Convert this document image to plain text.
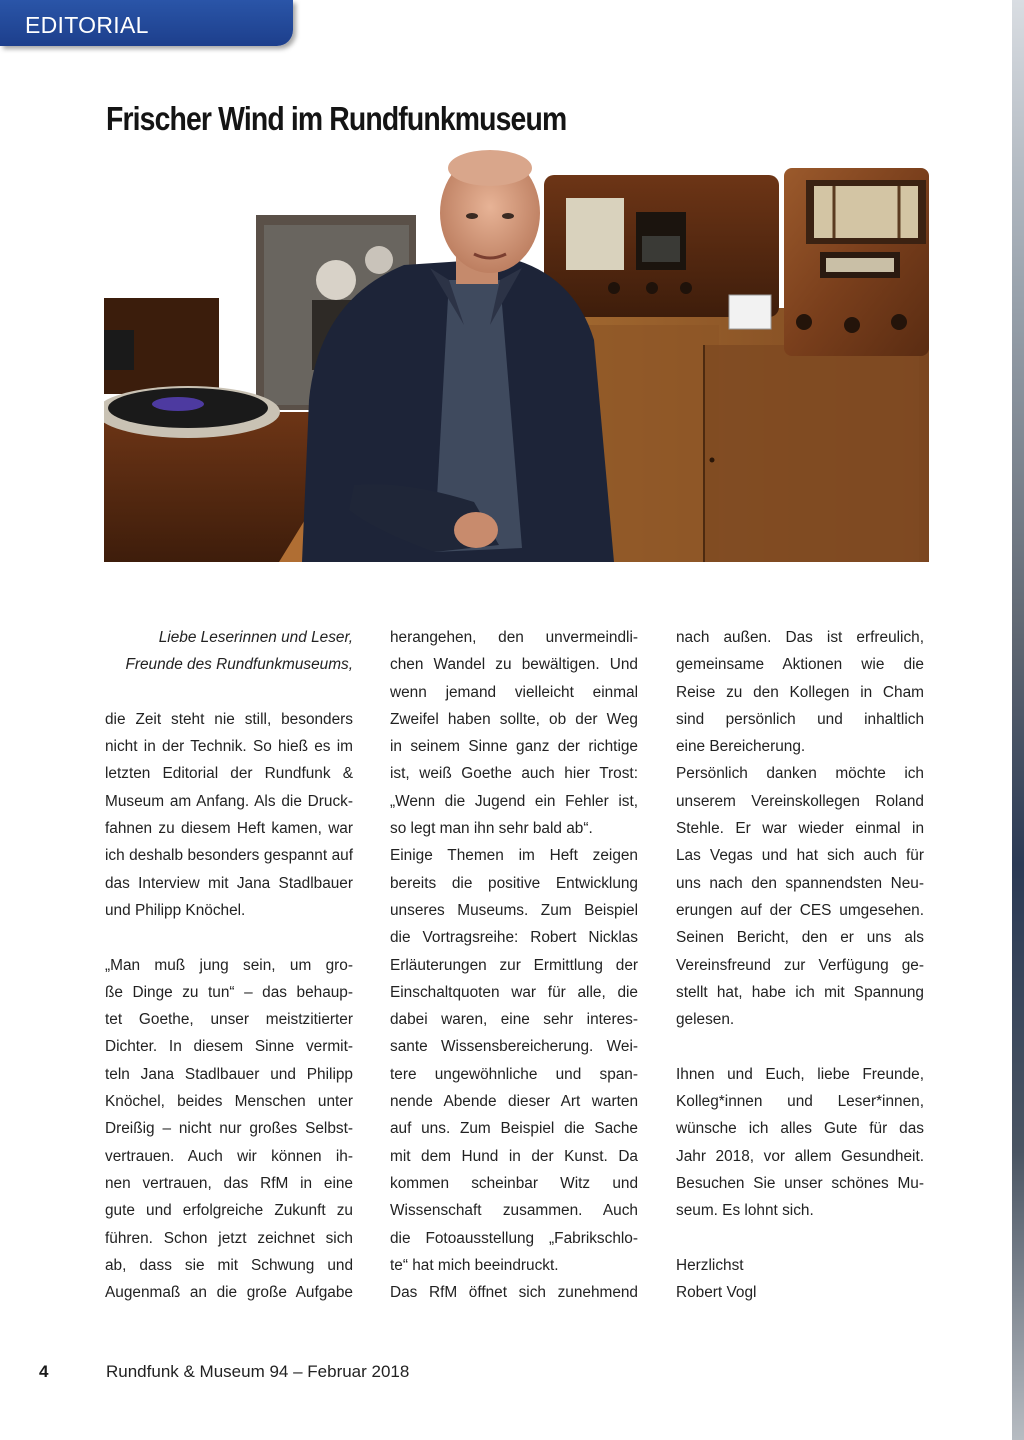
EDITORIAL
Frischer Wind im Rundfunkmuseum
Liebe Leserinnen und Leser,
Freunde des Rundfunkmuseums,

die Zeit steht nie still, besonders
nicht in der Technik. So hieß es im
letzten Editorial der Rundfunk &
Museum am Anfang. Als die Druck-
fahnen zu diesem Heft kamen, war
ich deshalb besonders gespannt auf
das Interview mit Jana Stadlbauer
und Philipp Knöchel.

„Man muß jung sein, um gro-
ße Dinge zu tun“ – das behaup-
tet Goethe, unser meistzitierter
Dichter. In diesem Sinne vermit-
teln Jana Stadlbauer und Philipp
Knöchel, beides Menschen unter
Dreißig – nicht nur großes Selbst-
vertrauen. Auch wir können ih-
nen vertrauen, das RfM in eine
gute und erfolgreiche Zukunft zu
führen. Schon jetzt zeichnet sich
ab, dass sie mit Schwung und
Augenmaß an die große Aufgabe

herangehen, den unvermeindli-
chen Wandel zu bewältigen. Und
wenn jemand vielleicht einmal
Zweifel haben sollte, ob der Weg
in seinem Sinne ganz der richtige
ist, weiß Goethe auch hier Trost:
„Wenn die Jugend ein Fehler ist,
so legt man ihn sehr bald ab“.

Einige Themen im Heft zeigen
bereits die positive Entwicklung
unseres Museums. Zum Beispiel
die Vortragsreihe: Robert Nicklas
Erläuterungen zur Ermittlung der
Einschaltquoten war für alle, die
dabei waren, eine sehr interes-
sante Wissensbereicherung. Wei-
tere ungewöhnliche und span-
nende Abende dieser Art warten
auf uns. Zum Beispiel die Sache
mit dem Hund in der Kunst. Da
kommen scheinbar Witz und
Wissenschaft zusammen. Auch
die Fotoausstellung „Fabrikschlo-
te“ hat mich beeindruckt.

Das RfM öffnet sich zunehmend

nach außen. Das ist erfreulich,
gemeinsame Aktionen wie die
Reise zu den Kollegen in Cham
sind persönlich und inhaltlich
eine Bereicherung.

Persönlich danken möchte ich
unserem Vereinskollegen Roland
Stehle. Er war wieder einmal in
Las Vegas und hat sich auch für
uns nach den spannendsten Neu-
erungen auf der CES umgesehen.
Seinen Bericht, den er uns als
Vereinsfreund zur Verfügung ge-
stellt hat, habe ich mit Spannung
gelesen.

Ihnen und Euch, liebe Freunde,
Kolleg*innen und Leser*innen,
wünsche ich alles Gute für das
Jahr 2018, vor allem Gesundheit.
Besuchen Sie unser schönes Mu-
seum. Es lohnt sich.

Herzlichst

Robert Vogl

4	Rundfunk & Museum 94 – Februar 2018
